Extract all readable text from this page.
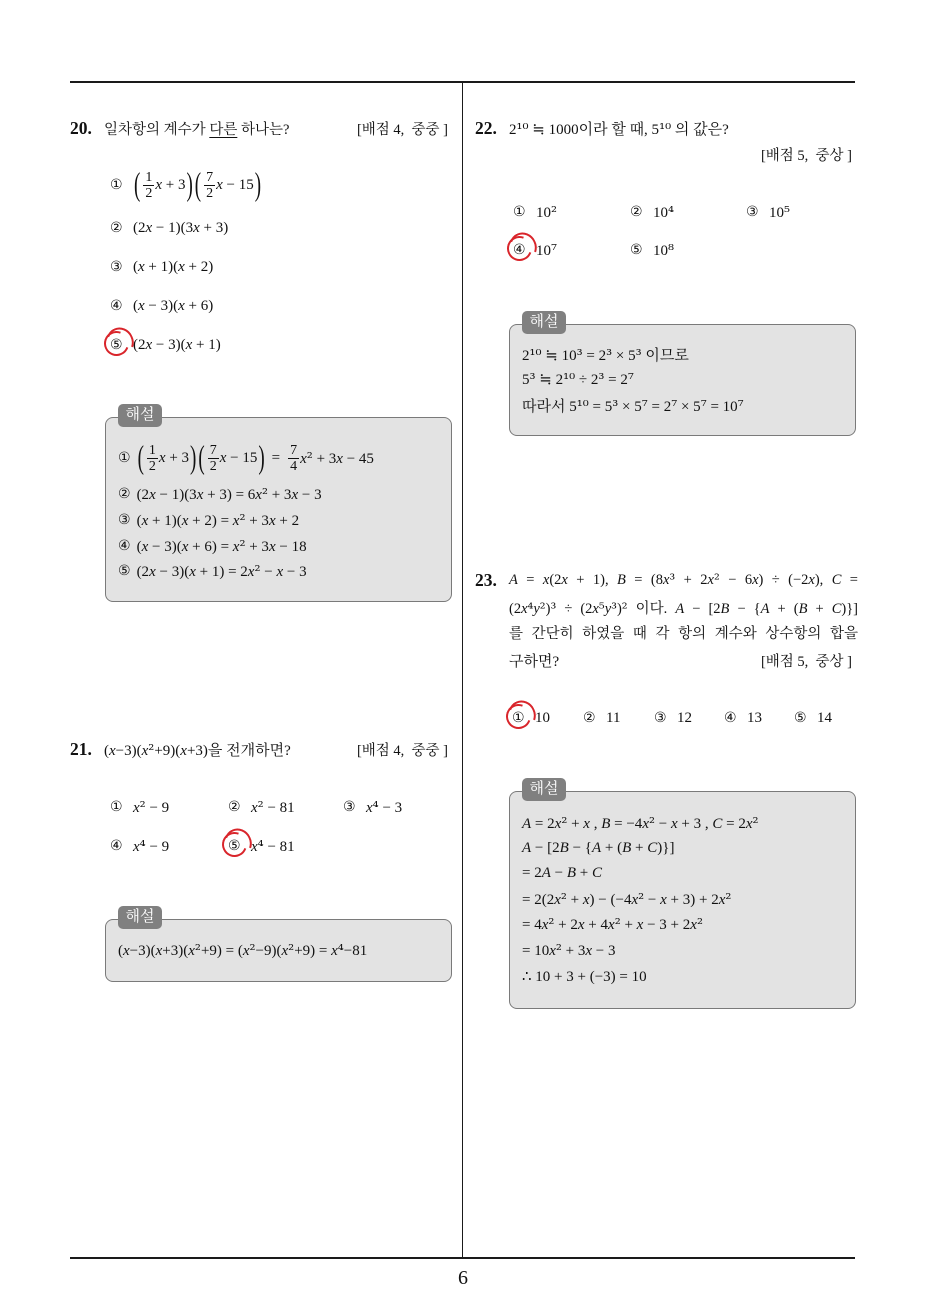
20. 일차항의 계수가 다른 하나는?	[배점 4,  중중 ]
① ( $\frac{1}{2}$ x + 3 ) ( $\frac{7}{2}$ x − 15 )
② (2x − 1)(3x + 3)
③ (x + 1)(x + 2)
④ (x − 3)(x + 6)
⑤ (2x − 3)(x + 1)
해설
① ( $\frac{1}{2}$ x + 3 ) ( $\frac{7}{2}$ x − 15 ) = $\frac{7}{4} x^2 + 3x - 45$
② (2x − 1)(3x + 3) = 6x² + 3x − 3
③ (x + 1)(x + 2) = x² + 3x + 2
④ (x − 3)(x + 6) = x² + 3x − 18
⑤ (2x − 3)(x + 1) = 2x² − x − 3
21. (x−3)(x²+9)(x+3)을 전개하면?	[배점 4,  중중 ]
① x² − 9	② x² − 81	③ x⁴ − 3
④ x⁴ − 9	⑤ x⁴ − 81
해설
(x−3)(x+3)(x²+9) = (x²−9)(x²+9) = x⁴−81
22. 2¹⁰ ≒ 1000이라 할 때, 5¹⁰ 의 값은?
[배점 5,  중상 ]
① 10²	② 10⁴	③ 10⁵
④ 10⁷	⑤ 10⁸
해설
2¹⁰ ≒ 10³ = 2³ × 5³ 이므로
5³ ≒ 2¹⁰ ÷ 2³ = 2⁷
따라서 5¹⁰ = 5³ × 5⁷ = 2⁷ × 5⁷ = 10⁷
23. A = x(2x + 1), B = (8x³ + 2x² − 6x) ÷ (−2x), C =
(2x⁴y²)³ ÷ (2x⁵y³)² 이다. A − [2B − {A + (B + C)}]
를 간단히 하였을 때 각 항의 계수와 상수항의 합을
구하면?	[배점 5,  중상 ]
① 10 ② 11 ③ 12 ④ 13 ⑤ 14
해설
A = 2x² + x , B = −4x² − x + 3 , C = 2x²
A − [2B − {A + (B + C)}]
= 2A − B + C
= 2(2x² + x) − (−4x² − x + 3) + 2x²
= 4x² + 2x + 4x² + x − 3 + 2x²
= 10x² + 3x − 3
∴ 10 + 3 + (−3) = 10
6
